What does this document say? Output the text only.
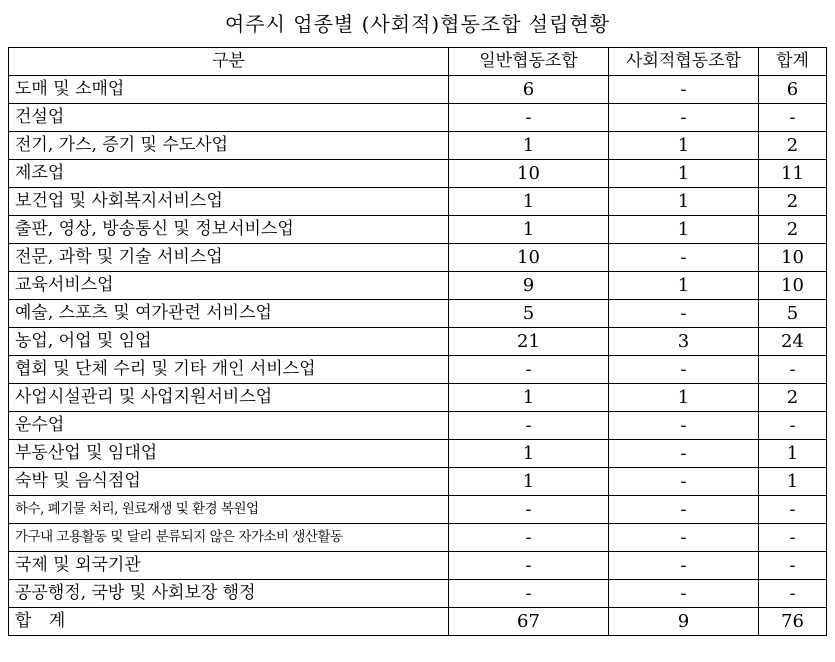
여주시 업종별 (사회적)협동조합 설립현황
구분	일반협동조합	사회적협동조합	합계
도매 및 소매업	6	-	6
건설업	-	-	-
전기, 가스, 증기 및 수도사업	1	1	2
제조업	10	1	11
보건업 및 사회복지서비스업	1	1	2
출판, 영상, 방송통신 및 정보서비스업	1	1	2
전문, 과학 및 기술 서비스업	10	-	10
교육서비스업	9	1	10
예술, 스포츠 및 여가관련 서비스업	5	-	5
농업, 어업 및 임업	21	3	24
협회 및 단체 수리 및 기타 개인 서비스업	-	-	-
사업시설관리 및 사업지원서비스업	1	1	2
운수업	-	-	-
부동산업 및 임대업	1	-	1
숙박 및 음식점업	1	-	1
하수, 폐기물 처리, 원료재생 및 환경 복원업	-	-	-
가구내 고용활동 및 달리 분류되지 않은 자가소비 생산활동	-	-	-
국제 및 외국기관	-	-	-
공공행정, 국방 및 사회보장 행정	-	-	-
합 계	67	9	76
